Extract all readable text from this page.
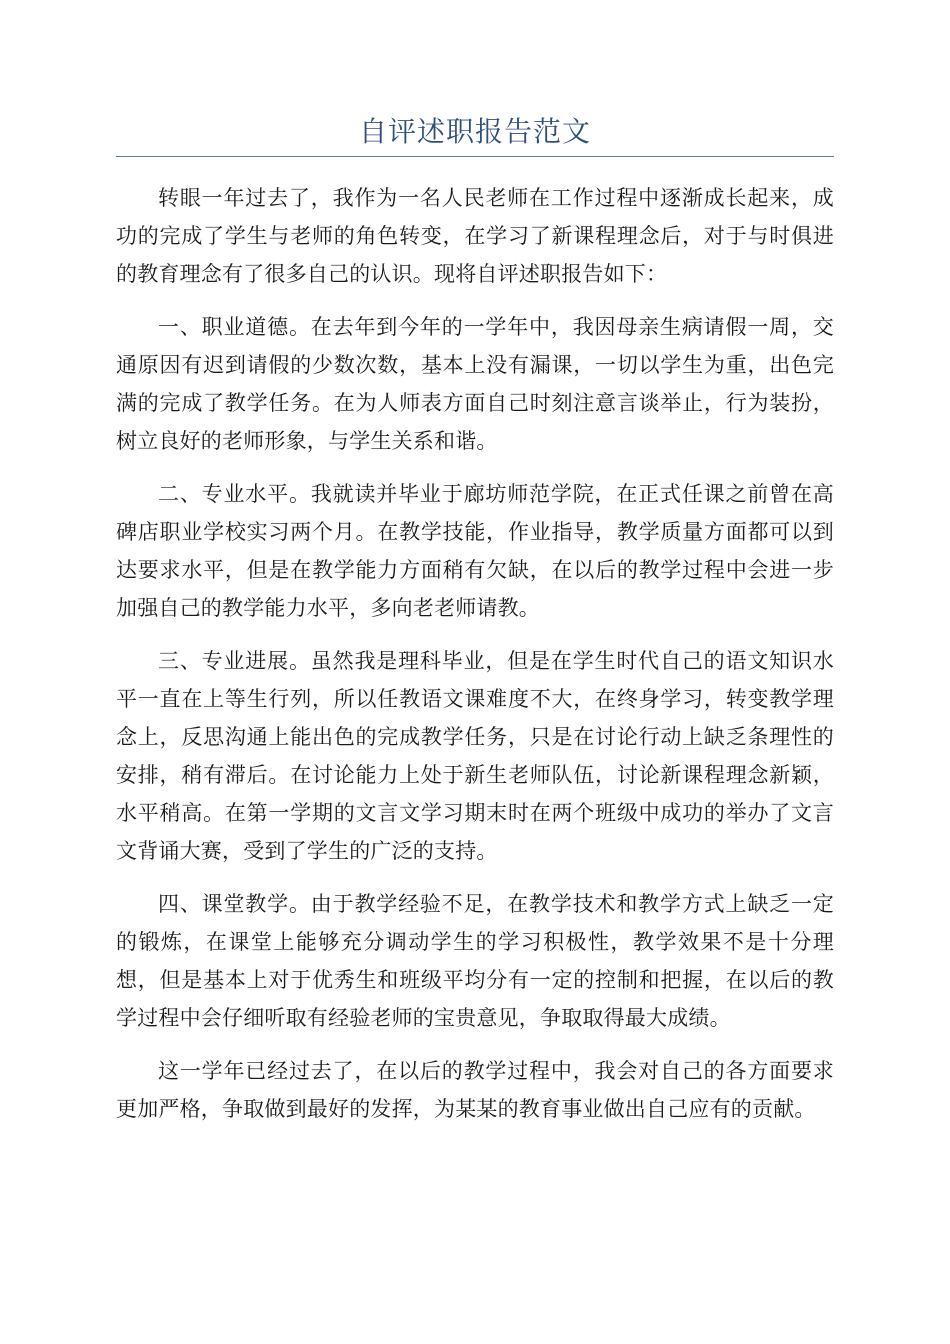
自评述职报告范文

转眼一年过去了，我作为一名人民老师在工作过程中逐渐成长起来，成功的完成了学生与老师的角色转变，在学习了新课程理念后，对于与时俱进的教育理念有了很多自己的认识。现将自评述职报告如下：

一、职业道德。在去年到今年的一学年中，我因母亲生病请假一周，交通原因有迟到请假的少数次数，基本上没有漏课，一切以学生为重，出色完满的完成了教学任务。在为人师表方面自己时刻注意言谈举止，行为装扮，树立良好的老师形象，与学生关系和谐。

二、专业水平。我就读并毕业于廊坊师范学院，在正式任课之前曾在高碑店职业学校实习两个月。在教学技能，作业指导，教学质量方面都可以到达要求水平，但是在教学能力方面稍有欠缺，在以后的教学过程中会进一步加强自己的教学能力水平，多向老老师请教。

三、专业进展。虽然我是理科毕业，但是在学生时代自己的语文知识水平一直在上等生行列，所以任教语文课难度不大，在终身学习，转变教学理念上，反思沟通上能出色的完成教学任务，只是在讨论行动上缺乏条理性的安排，稍有滞后。在讨论能力上处于新生老师队伍，讨论新课程理念新颖，水平稍高。在第一学期的文言文学习期末时在两个班级中成功的举办了文言文背诵大赛，受到了学生的广泛的支持。

四、课堂教学。由于教学经验不足，在教学技术和教学方式上缺乏一定的锻炼，在课堂上能够充分调动学生的学习积极性，教学效果不是十分理想，但是基本上对于优秀生和班级平均分有一定的控制和把握，在以后的教学过程中会仔细听取有经验老师的宝贵意见，争取取得最大成绩。

这一学年已经过去了，在以后的教学过程中，我会对自己的各方面要求更加严格，争取做到最好的发挥，为某某的教育事业做出自己应有的贡献。
